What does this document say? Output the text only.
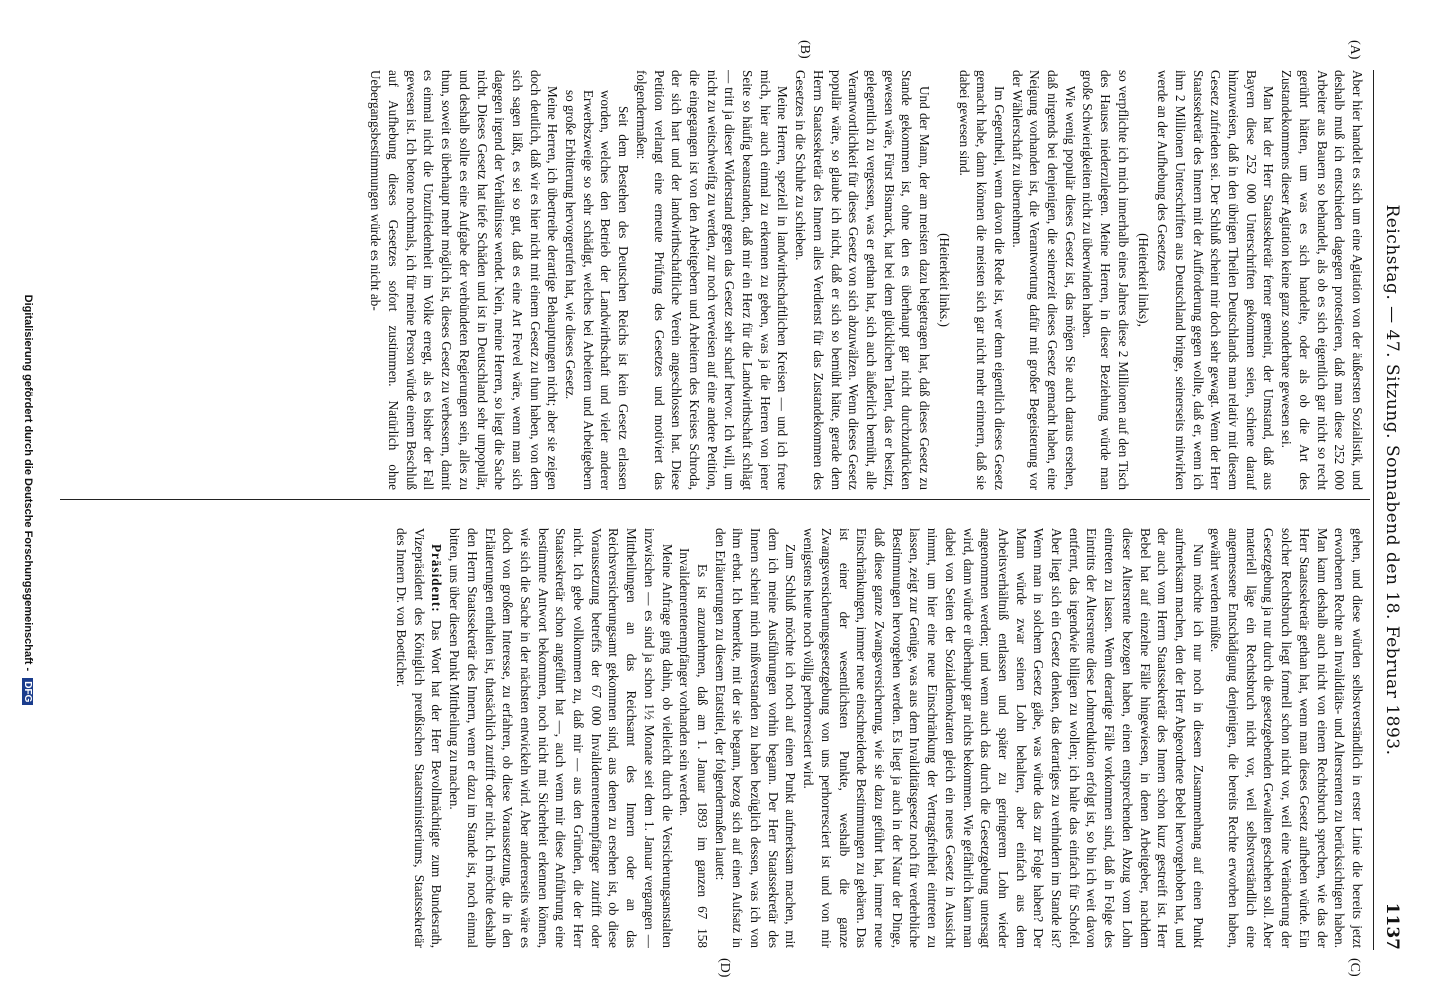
Reichstag. — 47. Sitzung. Sonnabend den 18. Februar 1893.
1137
(A)
(B)
(C)
(D)

Aber hier handelt es sich um eine Agitation von der äußersten Sozialistik, und deshalb muß ich entschieden dagegen protestieren, daß man diese 252 000 Arbeiter aus Bauern so behandelt, als ob es sich eigentlich gar nicht so recht gerührt hätten, um was es sich handelte, oder als ob die Art des Zustandekommens dieser Agitation keine ganz sonderbare gewesen sei.

Man hat der Herr Staatssekretär ferner gemeint, der Umstand, daß aus Bayern diese 252 000 Unterschriften gekommen seien, schiene darauf hinzuweisen, daß in den übrigen Theilen Deutschlands man relativ mit diesem Gesetz zufrieden sei. Der Schluß scheint mir doch sehr gewagt. Wenn der Herr Staatssekretär des Innern mit der Aufforderung gegen wollte, daß er, wenn ich ihm 2 Millionen Unterschriften aus Deutschland bringe, seinerseits mitwirken werde an der Aufhebung des Gesetzes

(Heiterkeit links),

so verpflichte ich mich innerhalb eines Jahres diese 2 Millionen auf den Tisch des Hauses niederzulegen. Meine Herren, in dieser Beziehung würde man große Schwierigkeiten nicht zu überwinden haben.

Wie wenig populär dieses Gesetz ist, das mögen Sie auch daraus ersehen, daß nirgends bei denjenigen, die seinerzeit dieses Gesetz gemacht haben, eine Neigung vorhanden ist, die Verantwortung dafür mit großer Begeisterung vor der Wählerschaft zu übernehmen.

Im Gegentheil, wenn davon die Rede ist, wer denn eigentlich dieses Gesetz gemacht habe, dann können die meisten sich gar nicht mehr erinnern, daß sie dabei gewesen sind.

(Heiterkeit links.)

Und der Mann, der am meisten dazu beigetragen hat, daß dieses Gesetz zu Stande gekommen ist, ohne den es überhaupt gar nicht durchzudrücken gewesen wäre, Fürst Bismarck, hat bei dem glücklichen Talent, das er besitzt, gelegentlich zu vergessen, was er gethan hat, sich auch äußerlich bemüht, alle Verantwortlichkeit für dieses Gesetz von sich abzuwälzen. Wenn dieses Gesetz populär wäre, so glaube ich nicht, daß er sich so bemüht hätte, gerade dem Herrn Staatssekretär des Innern alles Verdienst für das Zustandekommen des Gesetzes in die Schuhe zu schieben.

Meine Herren, speziell in landwirthschaftlichen Kreisen — und ich freue mich, hier auch einmal zu erkennen zu geben, was ja die Herren von jener Seite so häufig beanstanden, daß mir ein Herz für die Landwirthschaft schlägt — tritt ja dieser Widerstand gegen das Gesetz sehr scharf hervor. Ich will, um nicht zu weitschweifig zu werden, zur noch verweisen auf eine andere Petition, die eingegangen ist von den Arbeitgebern und Arbeitern des Kreises Schroda, der sich hart und der landwirthschaftliche Verein angeschlossen hat. Diese Petition verlangt eine erneute Prüfung des Gesetzes und motiviert das folgendermaßen:

Seit dem Bestehen des Deutschen Reichs ist kein Gesetz erlassen worden, welches den Betrieb der Landwirthschaft und vieler anderer Erwerbszweige so sehr schädigt, welches bei Arbeitern und Arbeitgebern so große Erbitterung hervorgerufen hat, wie dieses Gesetz.

Meine Herren, ich übertreibe derartige Behauptungen nicht; aber sie zeigen doch deutlich, daß wir es hier nicht mit einem Gesetz zu thun haben, von dem sich sagen läßt, es sei so gut, daß es eine Art Frevel wäre, wenn man sich dagegen irgend der Verhältnisse wendet. Nein, meine Herren, so liegt die Sache nicht. Dieses Gesetz hat tiefe Schäden und ist in Deutschland sehr unpopulär, und deshalb sollte es eine Aufgabe der verbündeten Regierungen sein, alles zu thun, soweit es überhaupt mehr möglich ist, dieses Gesetz zu verbessern, damit es einmal nicht die Unzufriedenheit im Volke erregt, als es bisher der Fall gewesen ist. Ich betone nochmals, ich für meine Person würde einem Beschluß auf Aufhebung dieses Gesetzes sofort zustimmen. Natürlich ohne Uebergangsbestimmungen würde es nicht ab-

gehen, und diese würden selbstverständlich in erster Linie die bereits jetzt erworbenen Rechte an Invaliditäts- und Altersrenten zu berücksichtigen haben. Man kann deshalb auch nicht von einem Rechtsbruch sprechen, wie das der Herr Staatssekretär gethan hat, wenn man dieses Gesetz aufheben würde. Ein solcher Rechtsbruch liegt formell schon nicht vor, weil eine Veränderung der Gesetzgebung ja nur durch die gesetzgebenden Gewalten geschehen soll. Aber materiell läge ein Rechtsbruch nicht vor, weil selbstverständlich eine angemessene Entschädigung denjenigen, die bereits Rechte erworben haben, gewährt werden müßte.

Nun möchte ich nur noch in diesem Zusammenhang auf einen Punkt aufmerksam machen, den der Herr Abgeordnete Bebel hervorgehoben hat, und der auch vom Herrn Staatssekretär des Innern schon kurz gestreift ist. Herr Bebel hat auf einzelne Fälle hingewiesen, in denen Arbeitgeber, nachdem dieser Altersrente bezogen haben, einen entsprechenden Abzug vom Lohn eintreten zu lassen. Wenn derartige Fälle vorkommen sind, daß in Folge des Eintritts der Altersrente diese Lohnreduktion erfolgt ist, so bin ich weit davon entfernt, das irgendwie billigen zu wollen; ich halte das einfach für Schofel. Aber liegt sich ein Gesetz denken, das derartiges zu verhindern im Stande ist? Wenn man in solchem Gesetz gäbe, was würde das zur Folge haben? Der Mann würde zwar seinen Lohn behalten, aber einfach aus dem Arbeitsverhältniß entlassen und später zu geringerem Lohn wieder angenommen werden; und wenn auch das durch die Gesetzgebung untersagt wird, dann würde er überhaupt gar nichts bekommen. Wie gefährlich kann man dabei von Seiten der Sozialdemokraten gleich ein neues Gesetz in Aussicht nimmt, um hier eine neue Einschränkung der Vertragsfreiheit eintreten zu lassen, zeigt zur Genüge, was aus dem Invaliditätsgesetz noch für verderbliche Bestimmungen hervorgehen werden. Es liegt ja auch in der Natur der Dinge, daß diese ganze Zwangsversicherung, wie sie dazu geführt hat, immer neue Einschränkungen, immer neue einschneidende Bestimmungen zu gebären. Das ist einer der wesentlichsten Punkte, weshalb die ganze Zwangsversicherungsgesetzgebung von uns perhorresciert ist und von mir wenigstens heute noch völlig perhorresciert wird.

Zum Schluß möchte ich noch auf einen Punkt aufmerksam machen, mit dem ich meine Ausführungen vorhin begann. Der Herr Staatssekretär des Innern scheint mich mißverstanden zu haben bezüglich dessen, was ich von ihm erbat. Ich bemerkte, mit der sie begann, bezog sich auf einen Aufsatz in den Erläuterungen zu diesem Etatstitel, der folgendermaßen lautet:

Es ist anzunehmen, daß am 1. Januar 1893 im ganzen 67 158 Invalidenrentenempfänger vorhanden sein werden.

Meine Anfrage ging dahin, ob vielleicht durch die Versicherungsanstalten inzwischen — es sind ja schon 1½ Monate seit dem 1. Januar vergangen — Mittheilungen an das Reichsamt des Innern oder an das Reichsversicherungsamt gekommen sind, aus denen zu ersehen ist, ob diese Voraussetzung betreffs der 67 000 Invalidenrentenempfänger zutrifft oder nicht. Ich gebe vollkommen zu, daß mir — aus den Gründen, die der Herr Staatssekretär schon angeführt hat —, auch wenn mir diese Anführung eine bestimmte Antwort bekommen, noch nicht mit Sicherheit erkennen können, wie sich die Sache in der nächsten entwickeln wird. Aber andererseits wäre es doch von großem Interesse, zu erfahren, ob diese Voraussetzung, die in den Erläuterungen enthalten ist, thatsächlich zutrifft oder nicht. Ich möchte deshalb den Herrn Staatssekretär des Innern, wenn er dazu im Stande ist, noch einmal bitten, uns über diesen Punkt Mittheilung zu machen.

Präsident: Das Wort hat der Herr Bevollmächtigte zum Bundesrath, Vizepräsident des Königlich preußischen Staatsministeriums, Staatssekretär des Innern Dr. von Boetticher.

Digitalisierung gefördert durch die Deutsche Forschungsgemeinschaft - DFG
